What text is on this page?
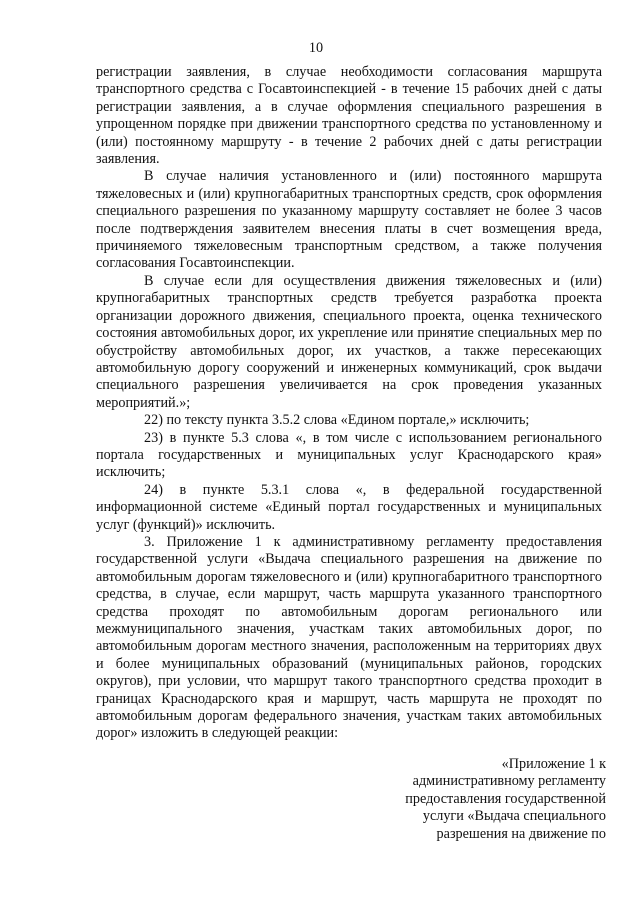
10

регистрации заявления, в случае необходимости согласования маршрута транспортного средства с Госавтоинспекцией - в течение 15 рабочих дней с даты регистрации заявления, а в случае оформления специального разрешения в упрощенном порядке при движении транспортного средства по установленному и (или) постоянному маршруту - в течение 2 рабочих дней с даты регистрации заявления.

В случае наличия установленного и (или) постоянного маршрута тяжеловесных и (или) крупногабаритных транспортных средств, срок оформления специального разрешения по указанному маршруту составляет не более 3 часов после подтверждения заявителем внесения платы в счет возмещения вреда, причиняемого тяжеловесным транспортным средством, а также получения согласования Госавтоинспекции.

В случае если для осуществления движения тяжеловесных и (или) крупногабаритных транспортных средств требуется разработка проекта организации дорожного движения, специального проекта, оценка технического состояния автомобильных дорог, их укрепление или принятие специальных мер по обустройству автомобильных дорог, их участков, а также пересекающих автомобильную дорогу сооружений и инженерных коммуникаций, срок выдачи специального разрешения увеличивается на срок проведения указанных мероприятий.»;

22) по тексту пункта 3.5.2 слова «Едином портале,» исключить;

23) в пункте 5.3 слова «, в том числе с использованием регионального портала государственных и муниципальных услуг Краснодарского края» исключить;

24) в пункте 5.3.1 слова «, в федеральной государственной информационной системе «Единый портал государственных и муниципальных услуг (функций)» исключить.

3. Приложение 1 к административному регламенту предоставления государственной услуги «Выдача специального разрешения на движение по автомобильным дорогам тяжеловесного и (или) крупногабаритного транспортного средства, в случае, если маршрут, часть маршрута указанного транспортного средства проходят по автомобильным дорогам регионального или межмуниципального значения, участкам таких автомобильных дорог, по автомобильным дорогам местного значения, расположенным на территориях двух и более муниципальных образований (муниципальных районов, городских округов), при условии, что маршрут такого транспортного средства проходит в границах Краснодарского края и маршрут, часть маршрута не проходят по автомобильным дорогам федерального значения, участкам таких автомобильных дорог» изложить в следующей реакции:

«Приложение 1 к
административному регламенту
предоставления государственной
услуги «Выдача специального
разрешения на движение по
